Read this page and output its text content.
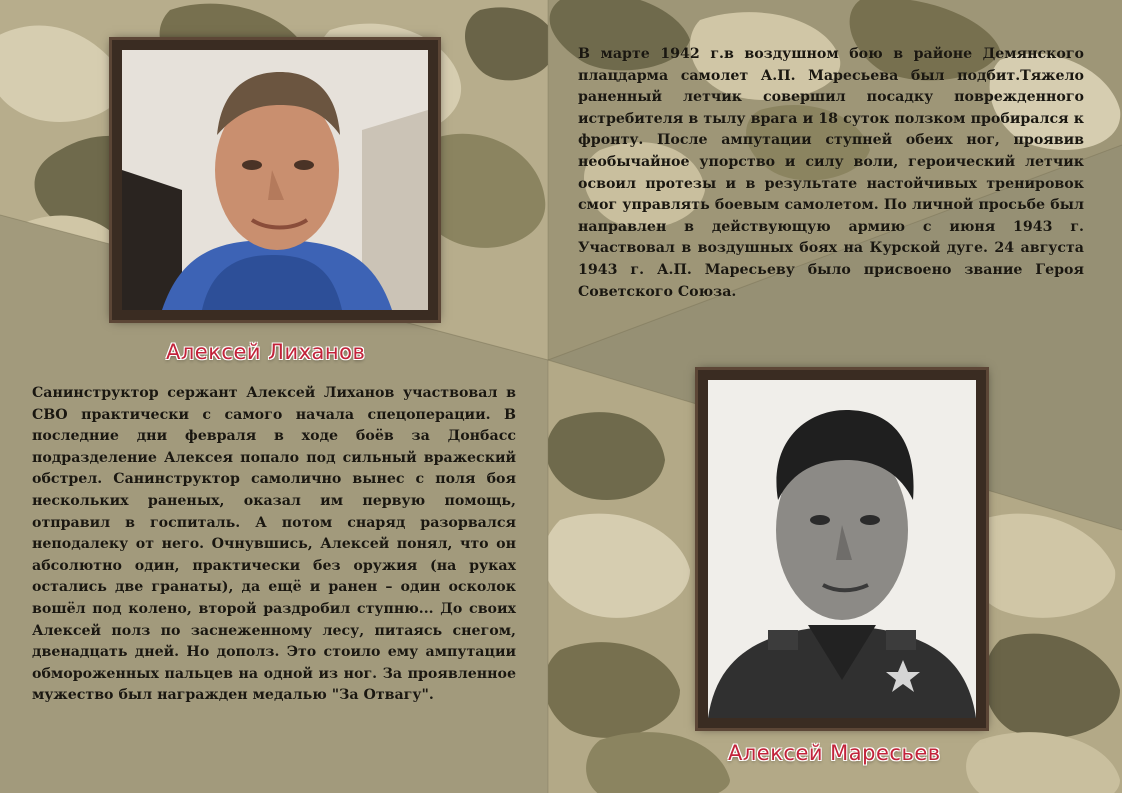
Алексей Лиханов
Санинструктор сержант Алексей Лиханов участвовал в СВО практически с самого начала спецоперации. В последние дни февраля в ходе боёв за Донбасс подразделение Алексея попало под сильный вражеский обстрел. Санинструктор самолично вынес с поля боя нескольких раненых, оказал им первую помощь, отправил в госпиталь. А потом снаряд разорвался неподалеку от него. Очнувшись, Алексей понял, что он абсолютно один, практически без оружия (на руках остались две гранаты), да ещё и ранен – один осколок вошёл под колено, второй раздробил ступню... До своих Алексей полз по заснеженному лесу, питаясь снегом, двенадцать дней. Но дополз. Это стоило ему ампутации обмороженных пальцев на одной из ног. За проявленное мужество был награжден медалью "За Отвагу".
В марте 1942 г.в воздушном бою в районе Демянского плацдарма самолет А.П. Маресьева был подбит.Тяжело раненный летчик совершил посадку поврежденного истребителя в тылу врага и 18 суток ползком пробирался к фронту. После ампутации ступней обеих ног, проявив необычайное упорство и силу воли, героический летчик освоил протезы и в результате настойчивых тренировок смог управлять боевым самолетом. По личной просьбе был направлен в действующую армию с июня 1943 г. Участвовал в воздушных боях на Курской дуге. 24 августа 1943 г. А.П. Маресьеву было присвоено звание Героя Советского Союза.
Алексей Маресьев
